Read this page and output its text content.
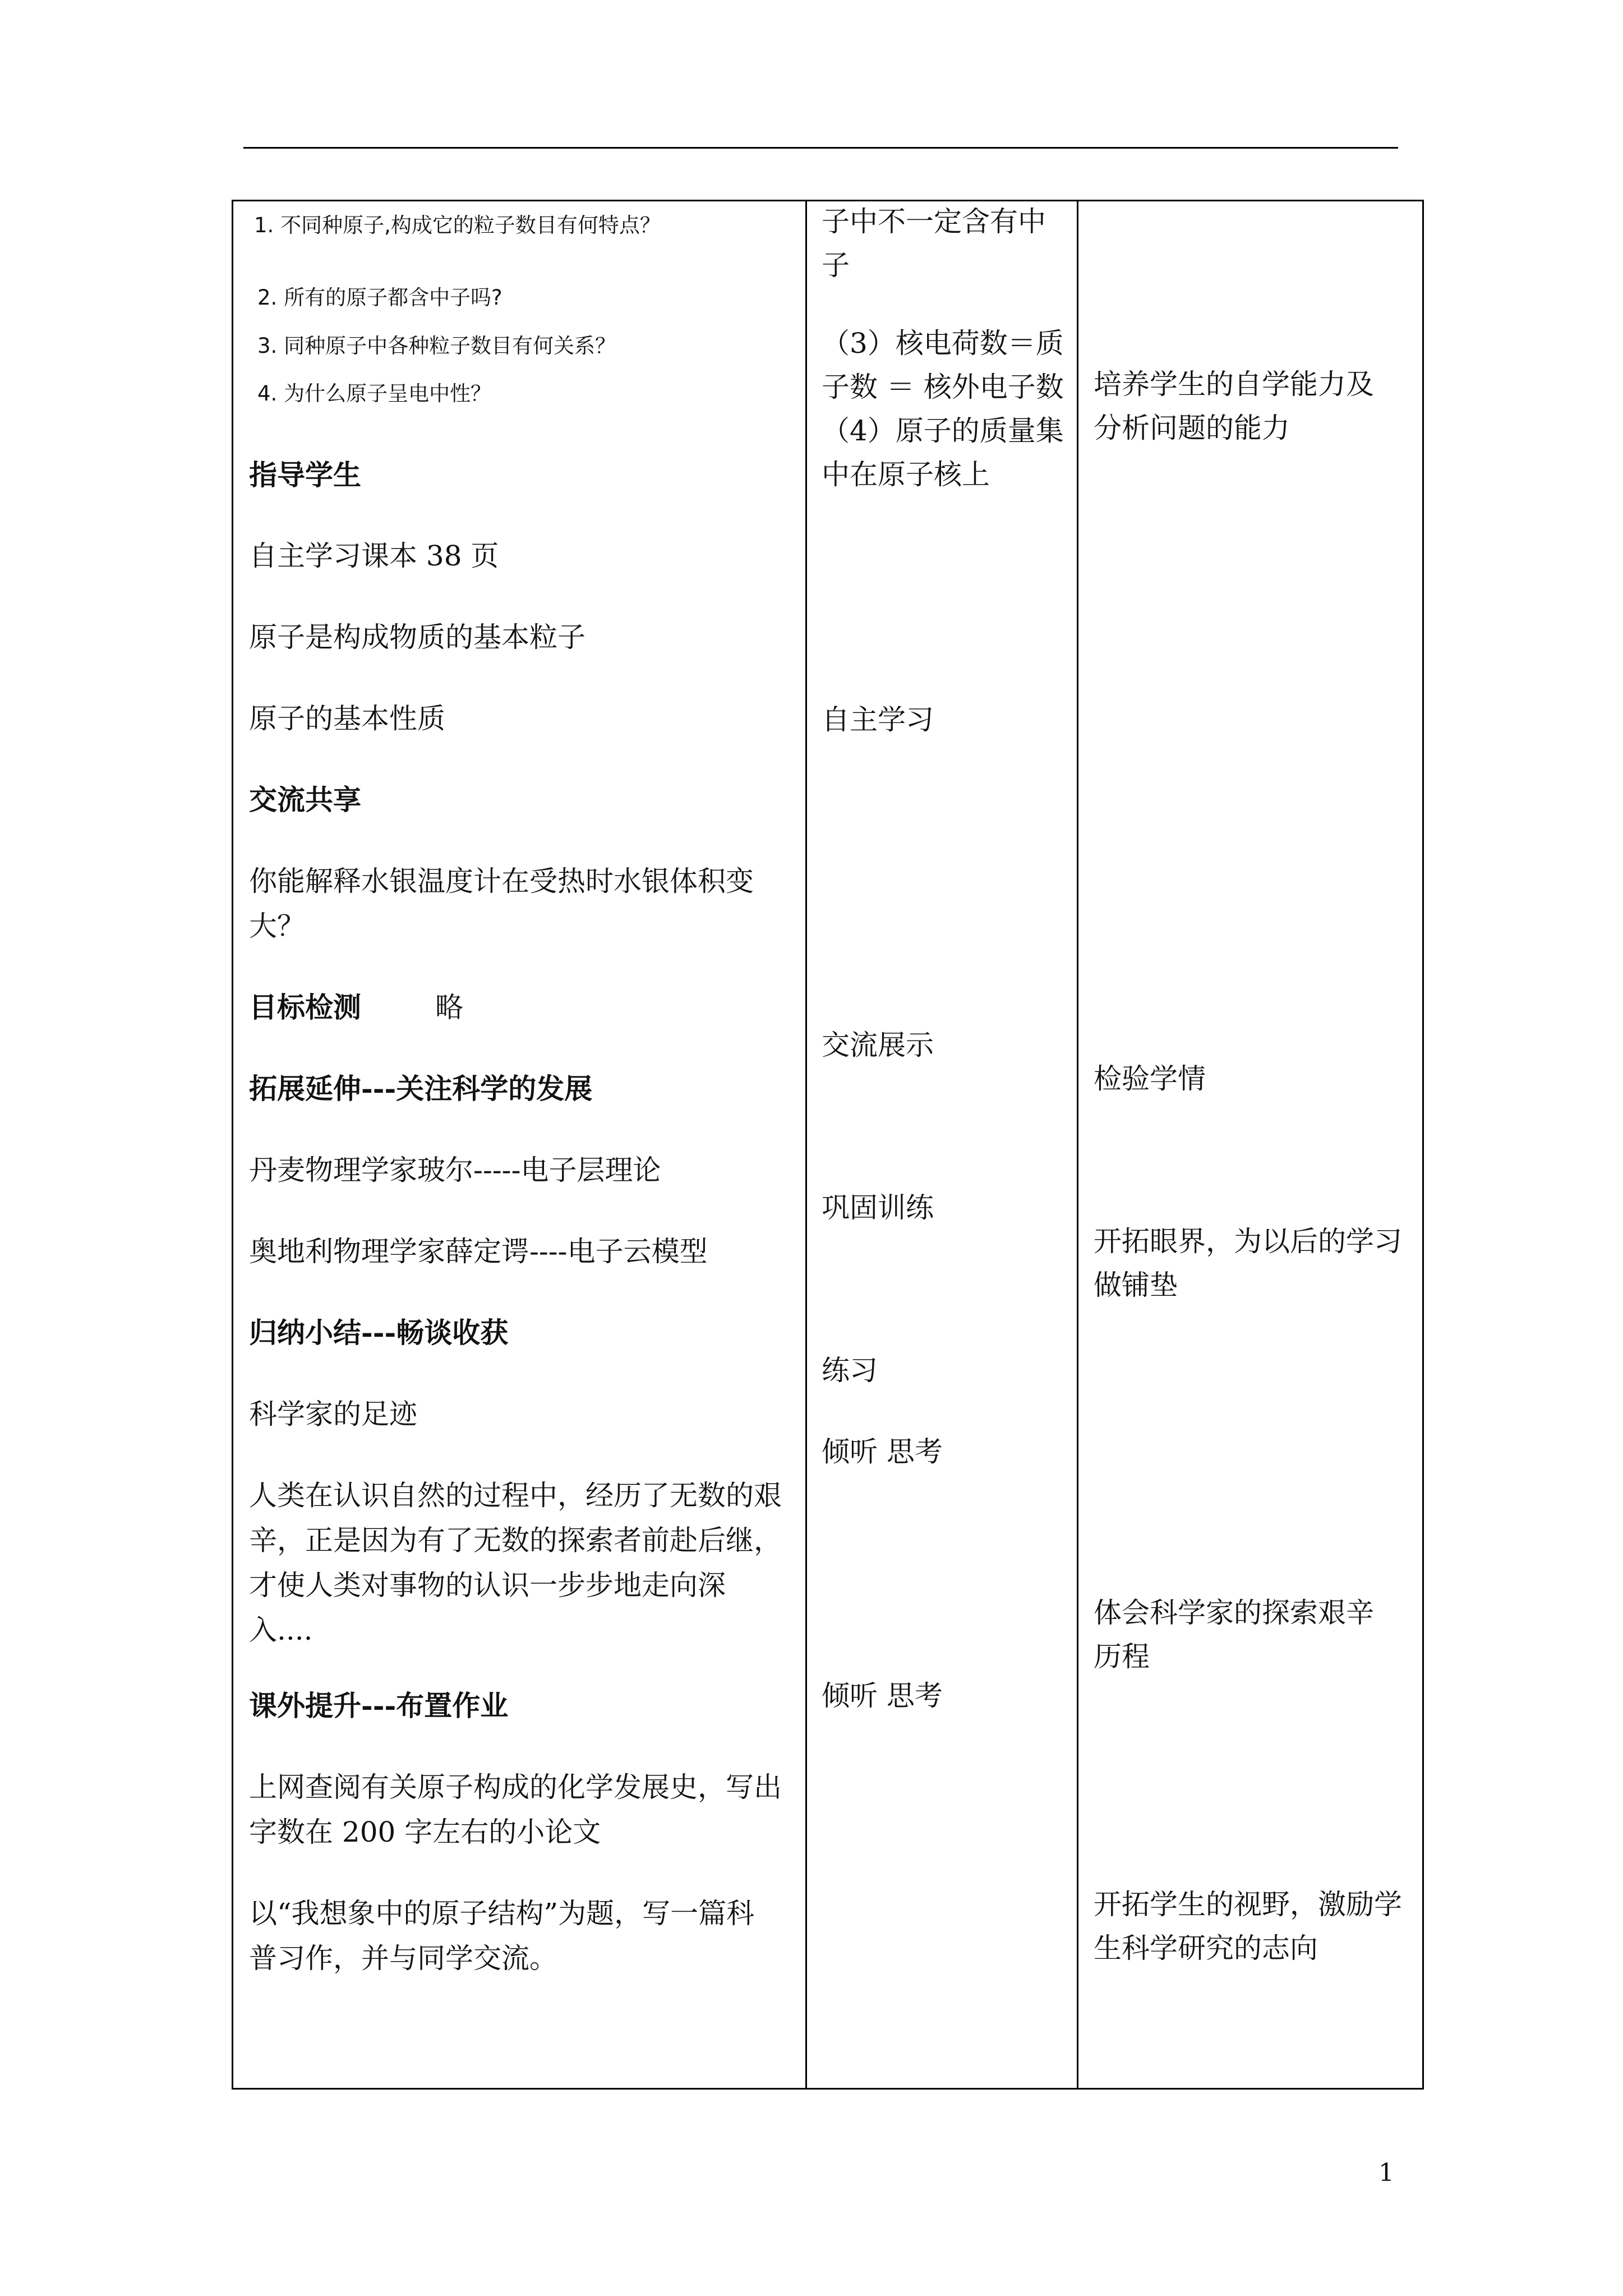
1. 不同种原子,构成它的粒子数目有何特点？
2. 所有的原子都含中子吗?
3. 同种原子中各种粒子数目有何关系？
4. 为什么原子呈电中性？
指导学生
自主学习课本 38 页
原子是构成物质的基本粒子
原子的基本性质
交流共享
你能解释水银温度计在受热时水银体积变
大？
目标检测	略
拓展延伸---关注科学的发展
丹麦物理学家玻尔-----电子层理论
奥地利物理学家薛定谔----电子云模型
归纳小结---畅谈收获
科学家的足迹
人类在认识自然的过程中，经历了无数的艰
辛，正是因为有了无数的探索者前赴后继，
才使人类对事物的认识一步步地走向深
入....
课外提升---布置作业
上网查阅有关原子构成的化学发展史，写出
字数在 200 字左右的小论文
以“我想象中的原子结构”为题，写一篇科
普习作，并与同学交流。
子中不一定含有中
子
（3）核电荷数＝质
子数 ＝ 核外电子数
（4）原子的质量集
中在原子核上
自主学习
交流展示
巩固训练
练习
倾听 思考
倾听 思考
培养学生的自学能力及
分析问题的能力
检验学情
开拓眼界，为以后的学习
做铺垫
体会科学家的探索艰辛
历程
开拓学生的视野，激励学
生科学研究的志向
1
